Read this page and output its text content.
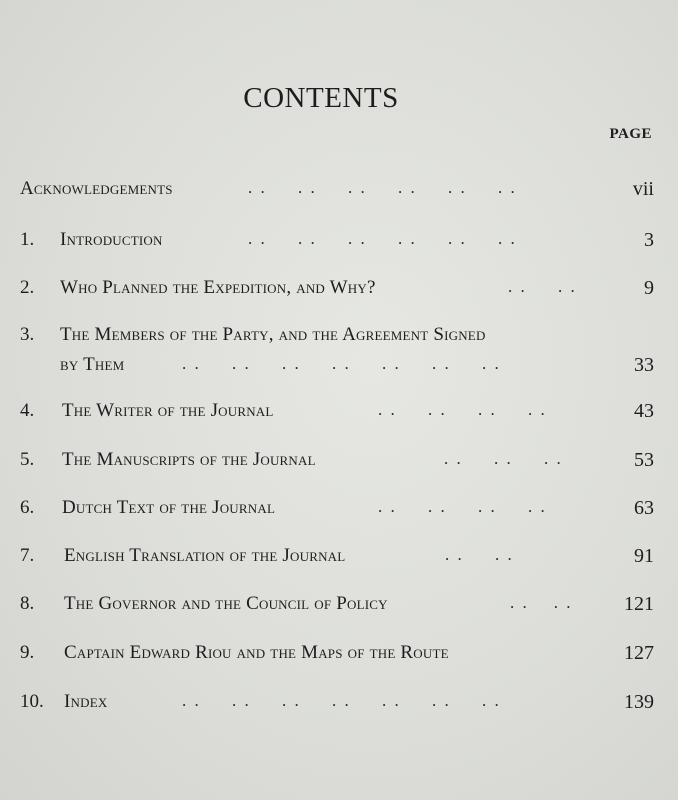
CONTENTS
PAGE
Acknowledgements	. .     . .     . .     . .     . .     . .	vii
1. Introduction	. .     . .     . .     . .     . .     . .	3
2. Who Planned the Expedition, and Why?	. .     . .	9
3. The Members of the Party, and the Agreement Signed
by Them	. .     . .     . .     . .     . .     . .     . .	33
4. The Writer of the Journal	. .     . .     . .     . .	43
5. The Manuscripts of the Journal	. .     . .     . .	53
6. Dutch Text of the Journal	. .     . .     . .     . .	63
7. English Translation of the Journal	. .     . .	91
8. The Governor and the Council of Policy	. .    . .	121
9. Captain Edward Riou and the Maps of the Route	127
10. Index	. .     . .     . .     . .     . .     . .     . .	139
